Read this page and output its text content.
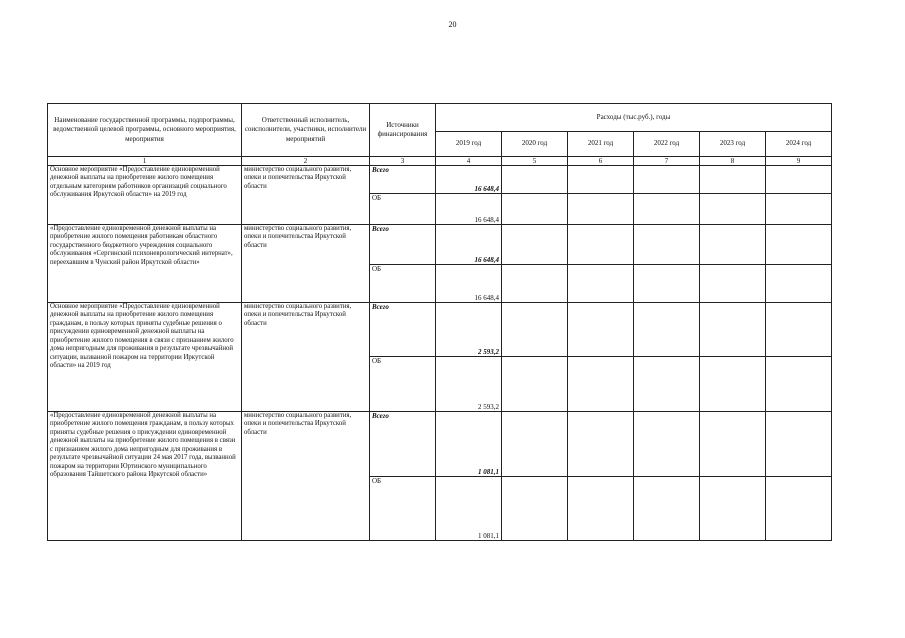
20
Наименование государственной программы, подпрограммы, ведомственной целевой программы, основного мероприятия, мероприятия	Ответственный исполнитель, соисполнители, участники, исполнители мероприятий	Источники финансирования	Расходы (тыс.руб.), годы					
			2019 год	2020 год	2021 год	2022 год	2023 год	2024 год
1	2	3	4	5	6	7	8	9
Основное мероприятие «Предоставление единовременной денежной выплаты на приобретение жилого помещения отдельным категориям работников организаций социального обслуживания Иркутской области» на 2019 год	министерство социального развития, опеки и попечительства Иркутской области	Всего	16 648,4					
		ОБ	16 648,4					
«Предоставление единовременной денежной выплаты на приобретение жилого помещения работникам областного государственного бюджетного учреждения социального обслуживания «Сергинский психоневрологический интернат», переехавшим в Чунский район Иркутской области»	министерство социального развития, опеки и попечительства Иркутской области	Всего	16 648,4					
		ОБ	16 648,4					
Основное мероприятие «Предоставление единовременной денежной выплаты на приобретение жилого помещения гражданам, в пользу которых приняты судебные решения о присуждении единовременной денежной выплаты на приобретение жилого помещения в связи с признанием жилого дома непригодным для проживания в результате чрезвычайной ситуации, вызванной пожаром на территории Иркутской области» на 2019 год	министерство социального развития, опеки и попечительства Иркутской области	Всего	2 593,2					
		ОБ	2 593,2					
«Предоставление единовременной денежной выплаты на приобретение жилого помещения гражданам, в пользу которых приняты судебные решения о присуждении единовременной денежной выплаты на приобретение жилого помещения в связи с признанием жилого дома непригодным для проживания в результате чрезвычайной ситуации 24 мая 2017 года, вызванной пожаром на территории Юртинского муниципального образования Тайшетского района Иркутской области»	министерство социального развития, опеки и попечительства Иркутской области	Всего	1 081,1					
		ОБ	1 081,1					
